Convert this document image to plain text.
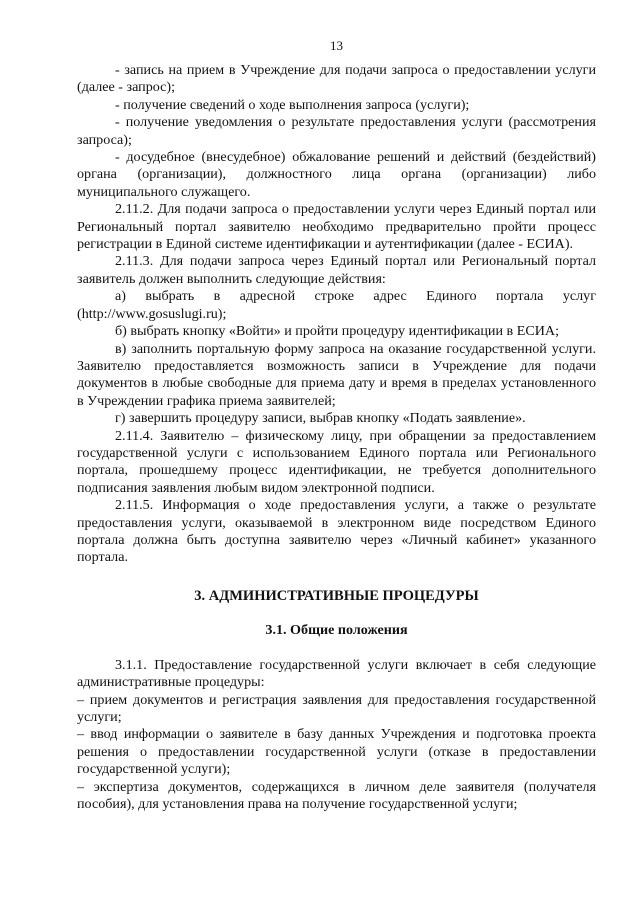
13

- запись на прием в Учреждение для подачи запроса о предоставлении услуги (далее - запрос);

- получение сведений о ходе выполнения запроса (услуги);

- получение уведомления о результате предоставления услуги (рассмотрения запроса);

- досудебное (внесудебное) обжалование решений и действий (бездействий) органа (организации), должностного лица органа (организации) либо муниципального служащего.

2.11.2. Для подачи запроса о предоставлении услуги через Единый портал или Региональный портал заявителю необходимо предварительно пройти процесс регистрации в Единой системе идентификации и аутентификации (далее - ЕСИА).

2.11.3. Для подачи запроса через Единый портал или Региональный портал заявитель должен выполнить следующие действия:

а) выбрать в адресной строке адрес Единого портала услуг (http://www.gosuslugi.ru);

б) выбрать кнопку «Войти» и пройти процедуру идентификации в ЕСИА;

в) заполнить портальную форму запроса на оказание государственной услуги. Заявителю предоставляется возможность записи в Учреждение для подачи документов в любые свободные для приема дату и время в пределах установленного в Учреждении графика приема заявителей;

г) завершить процедуру записи, выбрав кнопку «Подать заявление».

2.11.4. Заявителю – физическому лицу, при обращении за предоставлением государственной услуги с использованием Единого портала или Регионального портала, прошедшему процесс идентификации, не требуется дополнительного подписания заявления любым видом электронной подписи.

2.11.5. Информация о ходе предоставления услуги, а также о результате предоставления услуги, оказываемой в электронном виде посредством Единого портала должна быть доступна заявителю через «Личный кабинет» указанного портала.

3. АДМИНИСТРАТИВНЫЕ ПРОЦЕДУРЫ
3.1. Общие положения

3.1.1. Предоставление государственной услуги включает в себя следующие административные процедуры:

– прием документов и регистрация заявления для предоставления государственной услуги;

– ввод информации о заявителе в базу данных Учреждения и подготовка проекта решения о предоставлении государственной услуги (отказе в предоставлении государственной услуги);

– экспертиза документов, содержащихся в личном деле заявителя (получателя пособия), для установления права на получение государственной услуги;
